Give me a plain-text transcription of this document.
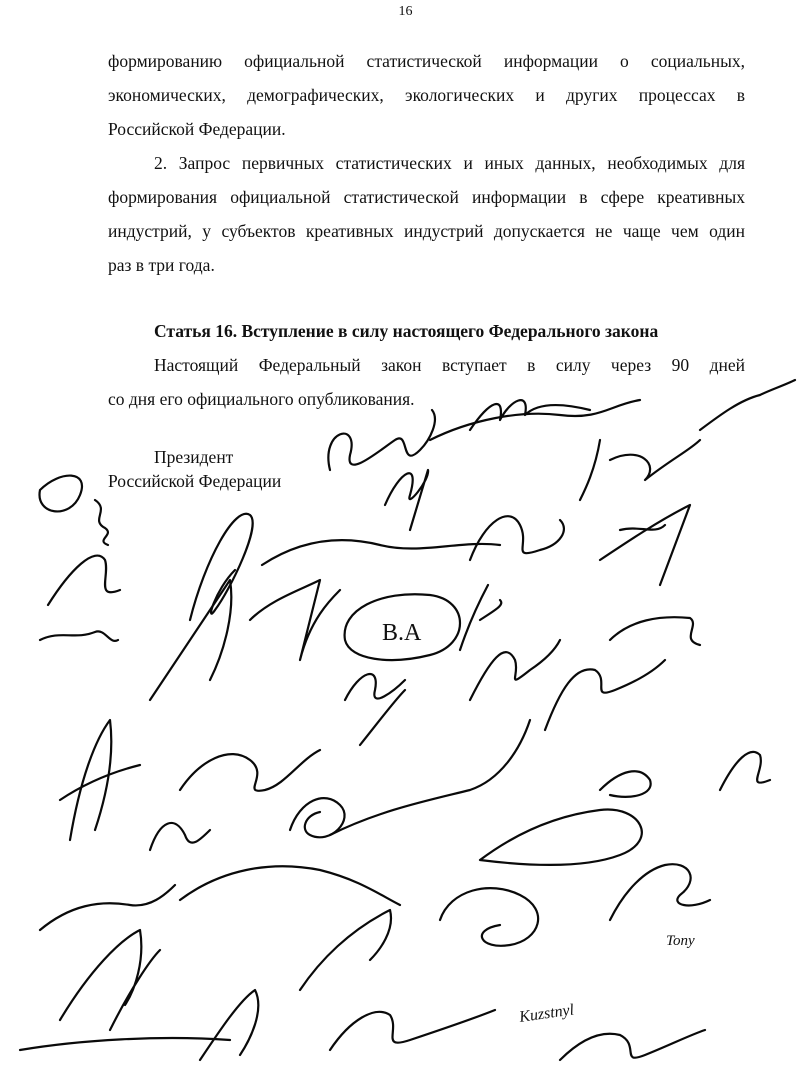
16

формированию официальной статистической информации о социальных,

экономических, демографических, экологических и других процессах в

Российской Федерации.

2. Запрос первичных статистических и иных данных, необходимых для

формирования официальной статистической информации в сфере креативных

индустрий, у субъектов креативных индустрий допускается не чаще чем один

раз в три года.

Статья 16. Вступление в силу настоящего Федерального закона

Настоящий Федеральный закон вступает в силу через 90 дней

со дня его официального опубликования.

Президент
Российской Федерации
В.А
Kuzstnyl
Tony
